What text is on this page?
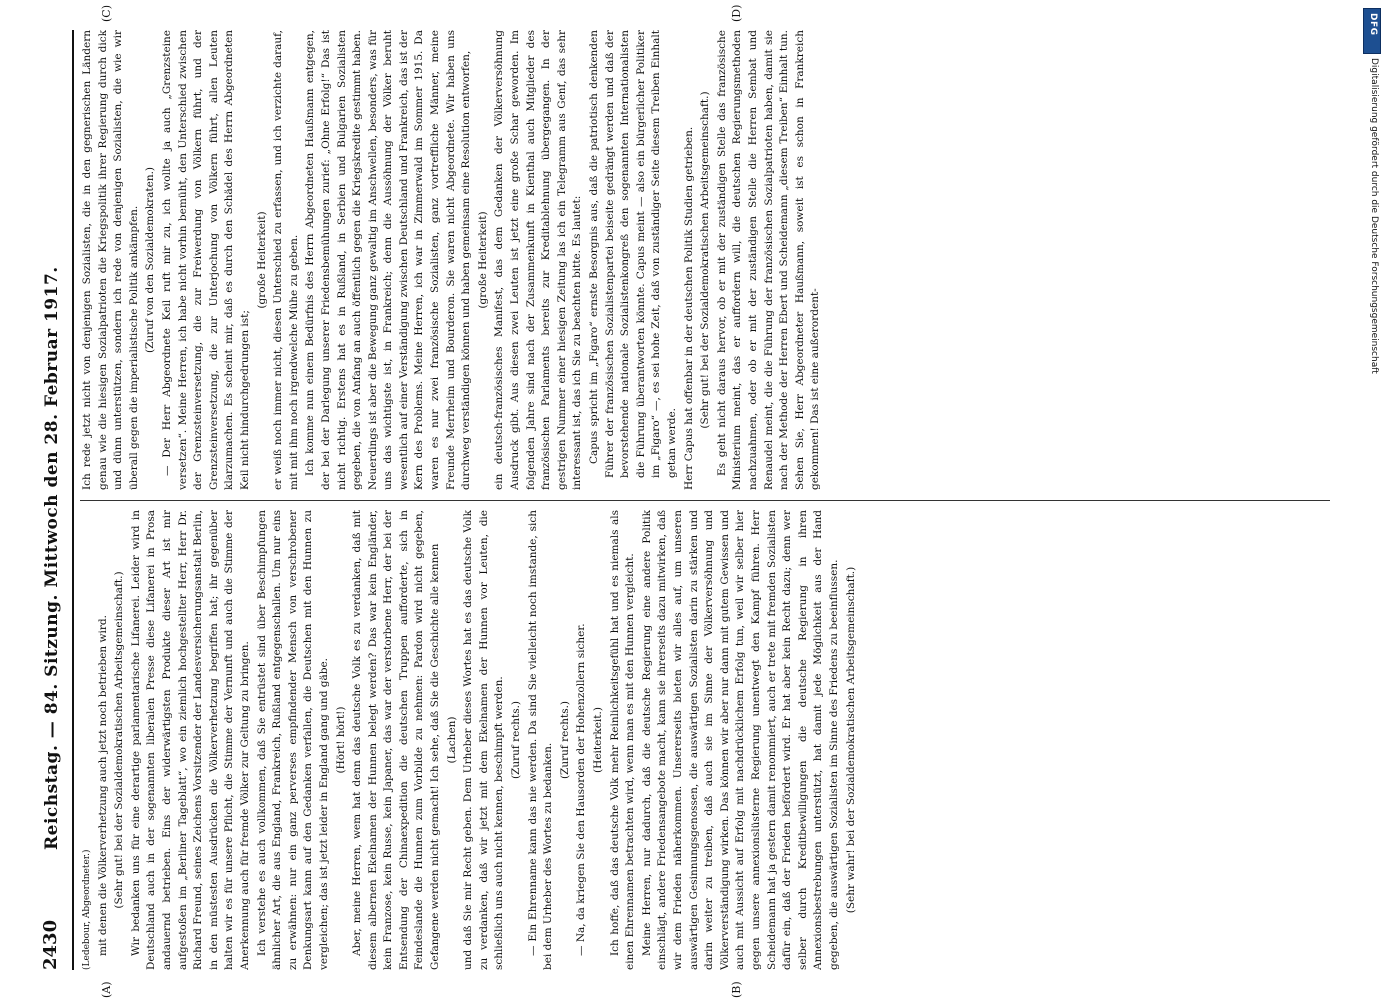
2430
Reichstag. — 84. Sitzung. Mittwoch den 28. Februar 1917.

(Ledebour, Abgeordneter.) mit denen die Völkerverhetzung auch jetzt noch betrieben wird. (Sehr gut! bei der Sozialdemokratischen Arbeitsgemeinschaft.) Wir bedanken uns für eine derartige parlamentarische Lifanerei. Leider wird in Deutschland auch in der sogenannten liberalen Presse diese Lifanerei in Prosa andauernd betrieben. Eins der widerwärtigsten Produkte dieser Art ist mir aufgestoßen im „Berliner Tageblatt“, wo ein ziemlich hochgestellter Herr, Herr Dr. Richard Freund, seines Zeichens Vorsitzender der Landesversicherungsanstalt Berlin, in den müstesten Ausdrücken die Völkerverhetzung begriffen hat; ihr gegenüber halten wir es für unsere Pflicht, die Stimme der Vernunft und auch die Stimme der Anerkennung auch für fremde Völker zur Geltung zu bringen. Ich verstehe es auch vollkommen, daß Sie entrüstet sind über Beschimpfungen ähnlicher Art, die aus England, Frankreich, Rußland entgegenschallen. Um nur eins zu erwähnen: nur ein ganz perverses empfindender Mensch von verschrobener Denkungsart kann auf den Gedanken verfallen, die Deutschen mit den Hunnen zu vergleichen; das ist jetzt leider in England gang und gäbe. (Hört! hört!) Aber, meine Herren, wem hat denn das deutsche Volk es zu verdanken, daß mit diesem albernen Ekelnamen der Hunnen belegt werden? Das war kein Engländer, kein Franzose, kein Russe, kein Japaner, das war der verstorbene Herr, der bei der Entsendung der Chinaexpedition die deutschen Truppen aufforderte, sich in Feindeslande die Hunnen zum Vorbilde zu nehmen: Pardon wird nicht gegeben, Gefangene werden nicht gemacht! Ich sehe, daß Sie die Geschichte alle kennen (Lachen) und daß Sie mir Recht geben. Dem Urheber dieses Wortes hat es das deutsche Volk zu verdanken, daß wir jetzt mit dem Ekelnamen der Hunnen vor Leuten, die schließlich uns auch nicht kennen, beschimpft werden. (Zuruf rechts.) — Ein Ehrenname kann das nie werden. Da sind Sie vielleicht noch imstande, sich bei dem Urheber des Wortes zu bedanken.

(Zuruf rechts.) — Na, da kriegen Sie den Hausorden der Hohenzollern sicher. (Heiterkeit.) Ich hoffe, daß das deutsche Volk mehr Reinlichkeitsgefühl hat und es niemals als einen Ehrennamen betrachten wird, wenn man es mit den Hunnen vergleicht. Meine Herren, nur dadurch, daß die deutsche Regierung eine andere Politik einschlägt, andere Friedensangebote macht, kann sie ihrerseits dazu mitwirken, daß wir dem Frieden näherkommen. Unsererseits bieten wir alles auf, um unseren auswärtigen Gesinnungsgenossen, die auswärtigen Sozialisten darin zu stärken und darin weiter zu treiben, daß auch sie im Sinne der Völkerversöhnung und Völkerverständigung wirken. Das können wir aber nur dann mit gutem Gewissen und auch mit Aussicht auf Erfolg mit nachdrücklichem Erfolg tun, weil wir selber hier gegen unsere annexionslüsterne Regierung unentwegt den Kampf führen. Herr Scheidemann hat ja gestern damit renommiert, auch er trete mit fremden Sozialisten dafür ein, daß der Frieden befördert wird. Er hat aber kein Recht dazu; denn wer selber durch Kreditbewilligungen die deutsche Regierung in ihren Annexionsbestrebungen unterstützt, hat damit jede Möglichkeit aus der Hand gegeben, die auswärtigen Sozialisten im Sinne des Friedens zu beeinflussen. (Sehr wahr! bei der Sozialdemokratischen Arbeitsgemeinschaft.)

Ich rede jetzt nicht von denjenigen Sozialisten, die in den gegnerischen Ländern genau wie die hiesigen Sozialpatrioten die Kriegspolitik ihrer Regierung durch dick und dünn unterstützen, sondern ich rede von denjenigen Sozialisten, die wie wir überall gegen die imperialistische Politik ankämpfen. (Zuruf von den Sozialdemokraten.) — Der Herr Abgeordnete Keil ruft mir zu, ich wollte ja auch „Grenzsteine versetzen“. Meine Herren, ich habe nicht vorhin bemüht, den Unterschied zwischen der Grenzsteinversetzung, die zur Freiwerdung von Völkern führt, und der Grenzsteinversetzung, die zur Unterjochung von Völkern führt, allen Leuten klarzumachen. Es scheint mir, daß es durch den Schädel des Herrn Abgeordneten Keil nicht hindurchgedrungen ist;

(große Heiterkeit) er weiß noch immer nicht, diesen Unterschied zu erfassen, und ich verzichte darauf, mit mit ihm noch irgendwelche Mühe zu geben. Ich komme nun einem Bedürfnis des Herrn Abgeordneten Haußmann entgegen, der bei der Darlegung unserer Friedensbemühungen zurief: „Ohne Erfolg!“ Das ist nicht richtig. Erstens hat es in Rußland, in Serbien und Bulgarien Sozialisten gegeben, die von Anfang an auch öffentlich gegen die Kriegskredite gestimmt haben. Neuerdings ist aber die Bewegung ganz gewaltig im Anschwellen, besonders, was für uns das wichtigste ist, in Frankreich; denn die Aussöhnung der Völker beruht wesentlich auf einer Verständigung zwischen Deutschland und Frankreich, das ist der Kern des Problems. Meine Herren, ich war in Zimmerwald im Sommer 1915. Da waren es nur zwei französische Sozialisten, ganz vortreffliche Männer, meine Freunde Merrheim und Bourderon. Sie waren nicht Abgeordnete. Wir haben uns durchweg verständigen können und haben gemeinsam eine Resolution entworfen, (große Heiterkeit) ein deutsch-französisches Manifest, das dem Gedanken der Völkerversöhnung Ausdruck gibt. Aus diesen zwei Leuten ist jetzt eine große Schar geworden. Im folgenden Jahre sind nach der Zusammenkunft in Kienthal auch Mitglieder des französischen Parlaments bereits zur Kreditablehnung übergegangen. In der gestrigen Nummer einer hiesigen Zeitung las ich ein Telegramm aus Genf, das sehr interessant ist, das ich Sie zu beachten bitte. Es lautet: Capus spricht im „Figaro“ ernste Besorgnis aus, daß die patriotisch denkenden Führer der französischen Sozialistenpartei beiseite gedrängt werden und daß der bevorstehende nationale Sozialistenkongreß den sogenannten Internationalisten die Führung überantworten könnte. Capus meint — also ein bürgerlicher Politiker im „Figaro“ —, es sei hohe Zeit, daß von zuständiger Seite diesem Treiben Einhalt getan werde. Herr Capus hat offenbar in der deutschen Politik Studien getrieben. (Sehr gut! bei der Sozialdemokratischen Arbeitsgemeinschaft.) Es geht nicht daraus hervor, ob er mit der zuständigen Stelle das französische Ministerium meint, das er auffordern will, die deutschen Regierungsmethoden nachzuahmen, oder ob er mit der zuständigen Stelle die Herren Sembat und Renaudel meint, die die Führung der französischen Sozialpatrioten haben, damit sie nach der Methode der Herren Ebert und Scheidemann „diesem Treiben“ Einhalt tun. Sehen Sie, Herr Abgeordneter Haußmann, soweit ist es schon in Frankreich gekommen! Das ist eine außerordent-

(A)	(B)
(C)	(D)	DFG
Digitalisierung gefördert durch die Deutsche Forschungsgemeinschaft
